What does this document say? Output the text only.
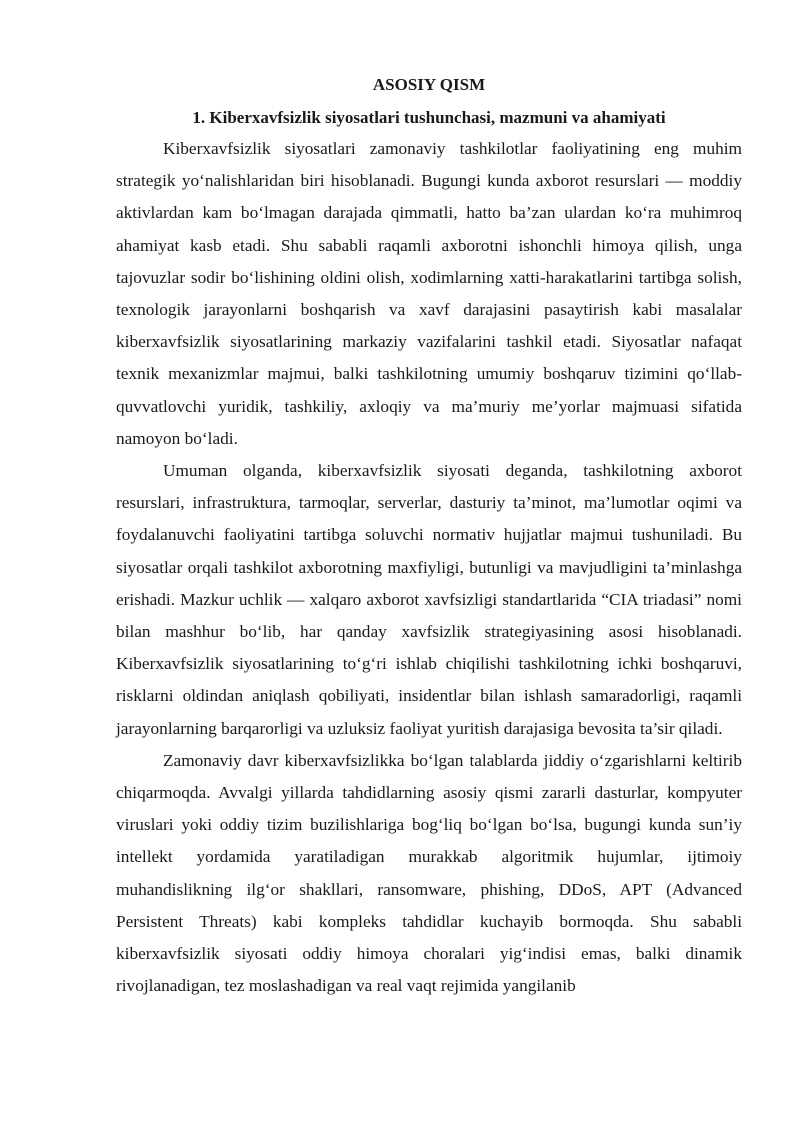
ASOSIY QISM
1. Kiberxavfsizlik siyosatlari tushunchasi, mazmuni va ahamiyati

Kiberxavfsizlik siyosatlari zamonaviy tashkilotlar faoliyatining eng muhim strategik yo‘nalishlaridan biri hisoblanadi. Bugungi kunda axborot resurslari — moddiy aktivlardan kam bo‘lmagan darajada qimmatli, hatto ba’zan ulardan ko‘ra muhimroq ahamiyat kasb etadi. Shu sababli raqamli axborotni ishonchli himoya qilish, unga tajovuzlar sodir bo‘lishining oldini olish, xodimlarning xatti-harakatlarini tartibga solish, texnologik jarayonlarni boshqarish va xavf darajasini pasaytirish kabi masalalar kiberxavfsizlik siyosatlarining markaziy vazifalarini tashkil etadi. Siyosatlar nafaqat texnik mexanizmlar majmui, balki tashkilotning umumiy boshqaruv tizimini qo‘llab-quvvatlovchi yuridik, tashkiliy, axloqiy va ma’muriy me’yorlar majmuasi sifatida namoyon bo‘ladi.

Umuman olganda, kiberxavfsizlik siyosati deganda, tashkilotning axborot resurslari, infrastruktura, tarmoqlar, serverlar, dasturiy ta’minot, ma’lumotlar oqimi va foydalanuvchi faoliyatini tartibga soluvchi normativ hujjatlar majmui tushuniladi. Bu siyosatlar orqali tashkilot axborotning maxfiyligi, butunligi va mavjudligini ta’minlashga erishadi. Mazkur uchlik — xalqaro axborot xavfsizligi standartlarida “CIA triadasi” nomi bilan mashhur bo‘lib, har qanday xavfsizlik strategiyasining asosi hisoblanadi. Kiberxavfsizlik siyosatlarining to‘g‘ri ishlab chiqilishi tashkilotning ichki boshqaruvi, risklarni oldindan aniqlash qobiliyati, insidentlar bilan ishlash samaradorligi, raqamli jarayonlarning barqarorligi va uzluksiz faoliyat yuritish darajasiga bevosita ta’sir qiladi.

Zamonaviy davr kiberxavfsizlikka bo‘lgan talablarda jiddiy o‘zgarishlarni keltirib chiqarmoqda. Avvalgi yillarda tahdidlarning asosiy qismi zararli dasturlar, kompyuter viruslari yoki oddiy tizim buzilishlariga bog‘liq bo‘lgan bo‘lsa, bugungi kunda sun’iy intellekt yordamida yaratiladigan murakkab algoritmik hujumlar, ijtimoiy muhandislikning ilg‘or shakllari, ransomware, phishing, DDoS, APT (Advanced Persistent Threats) kabi kompleks tahdidlar kuchayib bormoqda. Shu sababli kiberxavfsizlik siyosati oddiy himoya choralari yig‘indisi emas, balki dinamik rivojlanadigan, tez moslashadigan va real vaqt rejimida yangilanib
